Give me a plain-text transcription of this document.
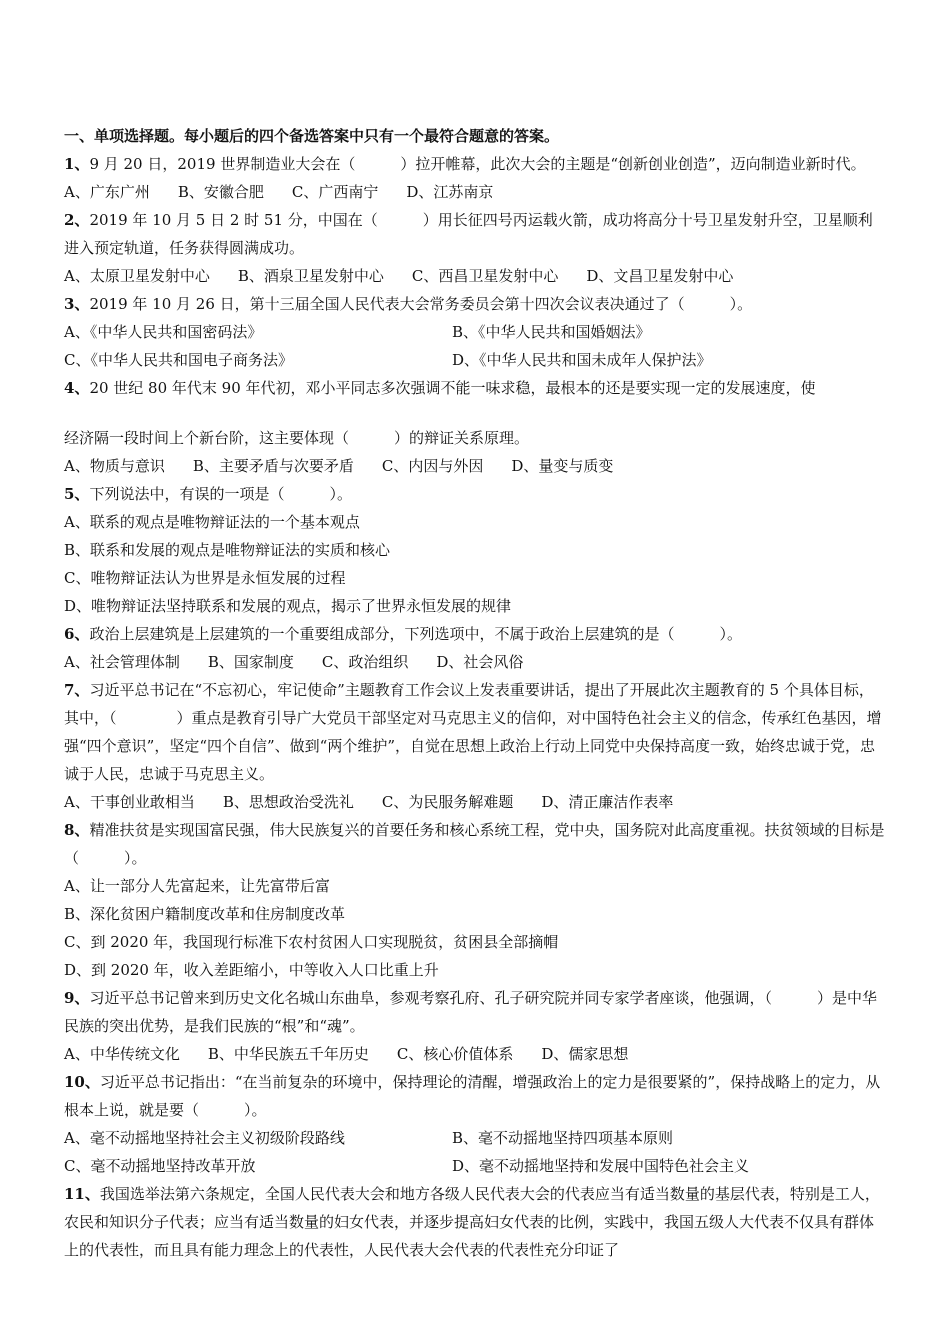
一、单项选择题。每小题后的四个备选答案中只有一个最符合题意的答案。

1、9 月 20 日，2019 世界制造业大会在（　　　）拉开帷幕，此次大会的主题是“创新创业创造”，迈向制造业新时代。

A、广东广州 B、安徽合肥 C、广西南宁 D、江苏南京

2、2019 年 10 月 5 日 2 时 51 分，中国在（　　　）用长征四号丙运载火箭，成功将高分十号卫星发射升空，卫星顺利进入预定轨道，任务获得圆满成功。

A、太原卫星发射中心 B、酒泉卫星发射中心 C、西昌卫星发射中心 D、文昌卫星发射中心

3、2019 年 10 月 26 日，第十三届全国人民代表大会常务委员会第十四次会议表决通过了（　　　）。

A、《中华人民共和国密码法》	B、《中华人民共和国婚姻法》
C、《中华人民共和国电子商务法》	D、《中华人民共和国未成年人保护法》

4、20 世纪 80 年代末 90 年代初，邓小平同志多次强调不能一味求稳，最根本的还是要实现一定的发展速度，使

经济隔一段时间上个新台阶，这主要体现（　　　）的辩证关系原理。

A、物质与意识 B、主要矛盾与次要矛盾 C、内因与外因 D、量变与质变

5、下列说法中，有误的一项是（　　　）。

A、联系的观点是唯物辩证法的一个基本观点

B、联系和发展的观点是唯物辩证法的实质和核心

C、唯物辩证法认为世界是永恒发展的过程

D、唯物辩证法坚持联系和发展的观点，揭示了世界永恒发展的规律

6、政治上层建筑是上层建筑的一个重要组成部分，下列选项中，不属于政治上层建筑的是（　　　）。

A、社会管理体制 B、国家制度 C、政治组织 D、社会风俗

7、习近平总书记在“不忘初心，牢记使命”主题教育工作会议上发表重要讲话，提出了开展此次主题教育的 5 个具体目标，其中，（　　　　）重点是教育引导广大党员干部坚定对马克思主义的信仰，对中国特色社会主义的信念，传承红色基因，增强“四个意识”，坚定“四个自信”、做到“两个维护”，自觉在思想上政治上行动上同党中央保持高度一致，始终忠诚于党，忠诚于人民，忠诚于马克思主义。

A、干事创业敢相当 B、思想政治受洗礼 C、为民服务解难题 D、清正廉洁作表率

8、精准扶贫是实现国富民强，伟大民族复兴的首要任务和核心系统工程，党中央，国务院对此高度重视。扶贫领域的目标是（　　　）。

A、让一部分人先富起来，让先富带后富

B、深化贫困户籍制度改革和住房制度改革

C、到 2020 年，我国现行标准下农村贫困人口实现脱贫，贫困县全部摘帽

D、到 2020 年，收入差距缩小，中等收入人口比重上升

9、习近平总书记曾来到历史文化名城山东曲阜，参观考察孔府、孔子研究院并同专家学者座谈，他强调，（　　　）是中华民族的突出优势，是我们民族的“根”和“魂”。

A、中华传统文化 B、中华民族五千年历史 C、核心价值体系 D、儒家思想

10、习近平总书记指出：“在当前复杂的环境中，保持理论的清醒，增强政治上的定力是很要紧的”，保持战略上的定力，从根本上说，就是要（　　　）。

A、毫不动摇地坚持社会主义初级阶段路线	B、毫不动摇地坚持四项基本原则
C、毫不动摇地坚持改革开放	D、毫不动摇地坚持和发展中国特色社会主义

11、我国选举法第六条规定，全国人民代表大会和地方各级人民代表大会的代表应当有适当数量的基层代表，特别是工人，农民和知识分子代表；应当有适当数量的妇女代表，并逐步提高妇女代表的比例，实践中，我国五级人大代表不仅具有群体上的代表性，而且具有能力理念上的代表性，人民代表大会代表的代表性充分印证了
